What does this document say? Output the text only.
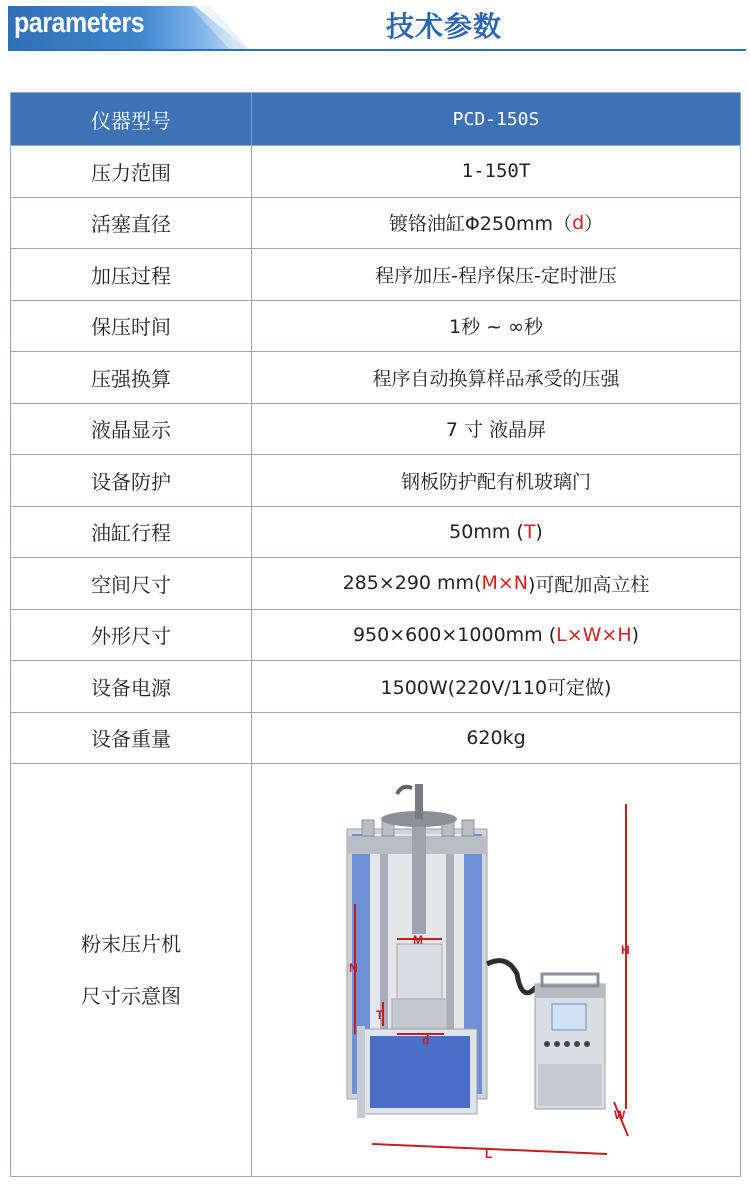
parameters	技术参数
仪器型号	PCD-150S
压力范围	1-150T
活塞直径	镀铬油缸Φ250mm（ d ）
加压过程	程序加压-程序保压-定时泄压
保压时间	1秒 ~ ∞秒
压强换算	程序自动换算样品承受的压强
液晶显示	7 寸 液晶屏
设备防护	钢板防护配有机玻璃门
油缸行程	50mm ( T )
空间尺寸	285×290 mm( M×N )可配加高立柱
外形尺寸	950×600×1000mm ( L×W×H )
设备电源	1500W(220V/110可定做)
设备重量	620kg
粉末压片机
尺寸示意图
M
N
T
d
H
W
L
